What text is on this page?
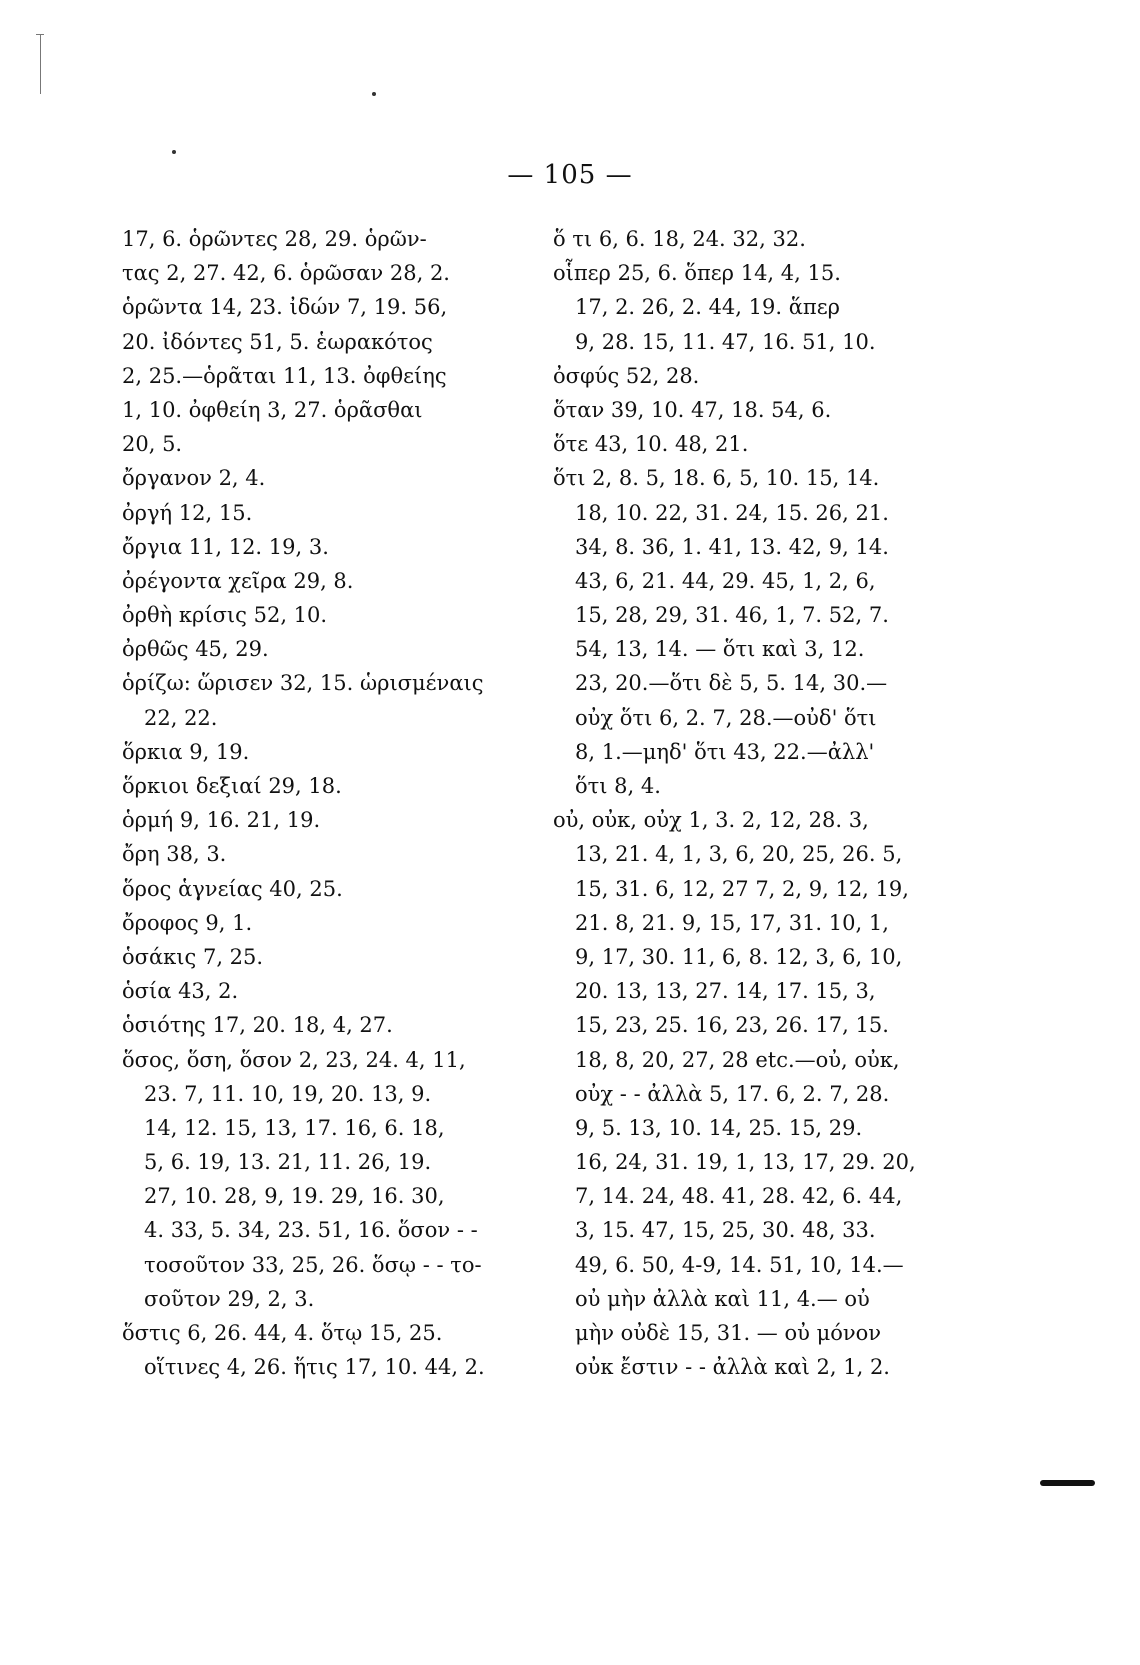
— 105 —
17, 6. ὁρῶντες 28, 29. ὁρῶν-
τας 2, 27. 42, 6. ὁρῶσαν 28, 2.
ὁρῶντα 14, 23. ἰδών 7, 19. 56,
20. ἰδόντες 51, 5. ἑωρακότος
2, 25.—ὁρᾶται 11, 13. ὀφθείης
1, 10. ὀφθείη 3, 27. ὁρᾶσθαι
20, 5.
ὄργανον 2, 4.
ὀργή 12, 15.
ὄργια 11, 12. 19, 3.
ὀρέγοντα χεῖρα 29, 8.
ὀρθὴ κρίσις 52, 10.
ὀρθῶς 45, 29.
ὁρίζω: ὥρισεν 32, 15. ὡρισμέναις
22, 22.
ὅρκια 9, 19.
ὅρκιοι δεξιαί 29, 18.
ὁρμή 9, 16. 21, 19.
ὄρη 38, 3.
ὅρος ἁγνείας 40, 25.
ὄροφος 9, 1.
ὁσάκις 7, 25.
ὁσία 43, 2.
ὁσιότης 17, 20. 18, 4, 27.
ὅσος, ὅση, ὅσον 2, 23, 24. 4, 11,
23. 7, 11. 10, 19, 20. 13, 9.
14, 12. 15, 13, 17. 16, 6. 18,
5, 6. 19, 13. 21, 11. 26, 19.
27, 10. 28, 9, 19. 29, 16. 30,
4. 33, 5. 34, 23. 51, 16. ὅσον - -
τοσοῦτον 33, 25, 26. ὅσῳ - - το-
σοῦτον 29, 2, 3.
ὅστις 6, 26. 44, 4. ὅτῳ 15, 25.
οἵτινες 4, 26. ἥτις 17, 10. 44, 2.
ὅ τι 6, 6. 18, 24. 32, 32.
οἷπερ 25, 6. ὅπερ 14, 4, 15.
17, 2. 26, 2. 44, 19. ἅπερ
9, 28. 15, 11. 47, 16. 51, 10.
ὀσφύς 52, 28.
ὅταν 39, 10. 47, 18. 54, 6.
ὅτε 43, 10. 48, 21.
ὅτι 2, 8. 5, 18. 6, 5, 10. 15, 14.
18, 10. 22, 31. 24, 15. 26, 21.
34, 8. 36, 1. 41, 13. 42, 9, 14.
43, 6, 21. 44, 29. 45, 1, 2, 6,
15, 28, 29, 31. 46, 1, 7. 52, 7.
54, 13, 14. — ὅτι καὶ 3, 12.
23, 20.—ὅτι δὲ 5, 5. 14, 30.—
οὐχ ὅτι 6, 2. 7, 28.—οὐδ' ὅτι
8, 1.—μηδ' ὅτι 43, 22.—ἀλλ'
ὅτι 8, 4.
οὐ, οὐκ, οὐχ 1, 3. 2, 12, 28. 3,
13, 21. 4, 1, 3, 6, 20, 25, 26. 5,
15, 31. 6, 12, 27 7, 2, 9, 12, 19,
21. 8, 21. 9, 15, 17, 31. 10, 1,
9, 17, 30. 11, 6, 8. 12, 3, 6, 10,
20. 13, 13, 27. 14, 17. 15, 3,
15, 23, 25. 16, 23, 26. 17, 15.
18, 8, 20, 27, 28 etc.—οὐ, οὐκ,
οὐχ - - ἀλλὰ 5, 17. 6, 2. 7, 28.
9, 5. 13, 10. 14, 25. 15, 29.
16, 24, 31. 19, 1, 13, 17, 29. 20,
7, 14. 24, 48. 41, 28. 42, 6. 44,
3, 15. 47, 15, 25, 30. 48, 33.
49, 6. 50, 4-9, 14. 51, 10, 14.—
οὐ μὴν ἀλλὰ καὶ 11, 4.— οὐ
μὴν οὐδὲ 15, 31. — οὐ μόνον
οὐκ ἔστιν - - ἀλλὰ καὶ 2, 1, 2.
